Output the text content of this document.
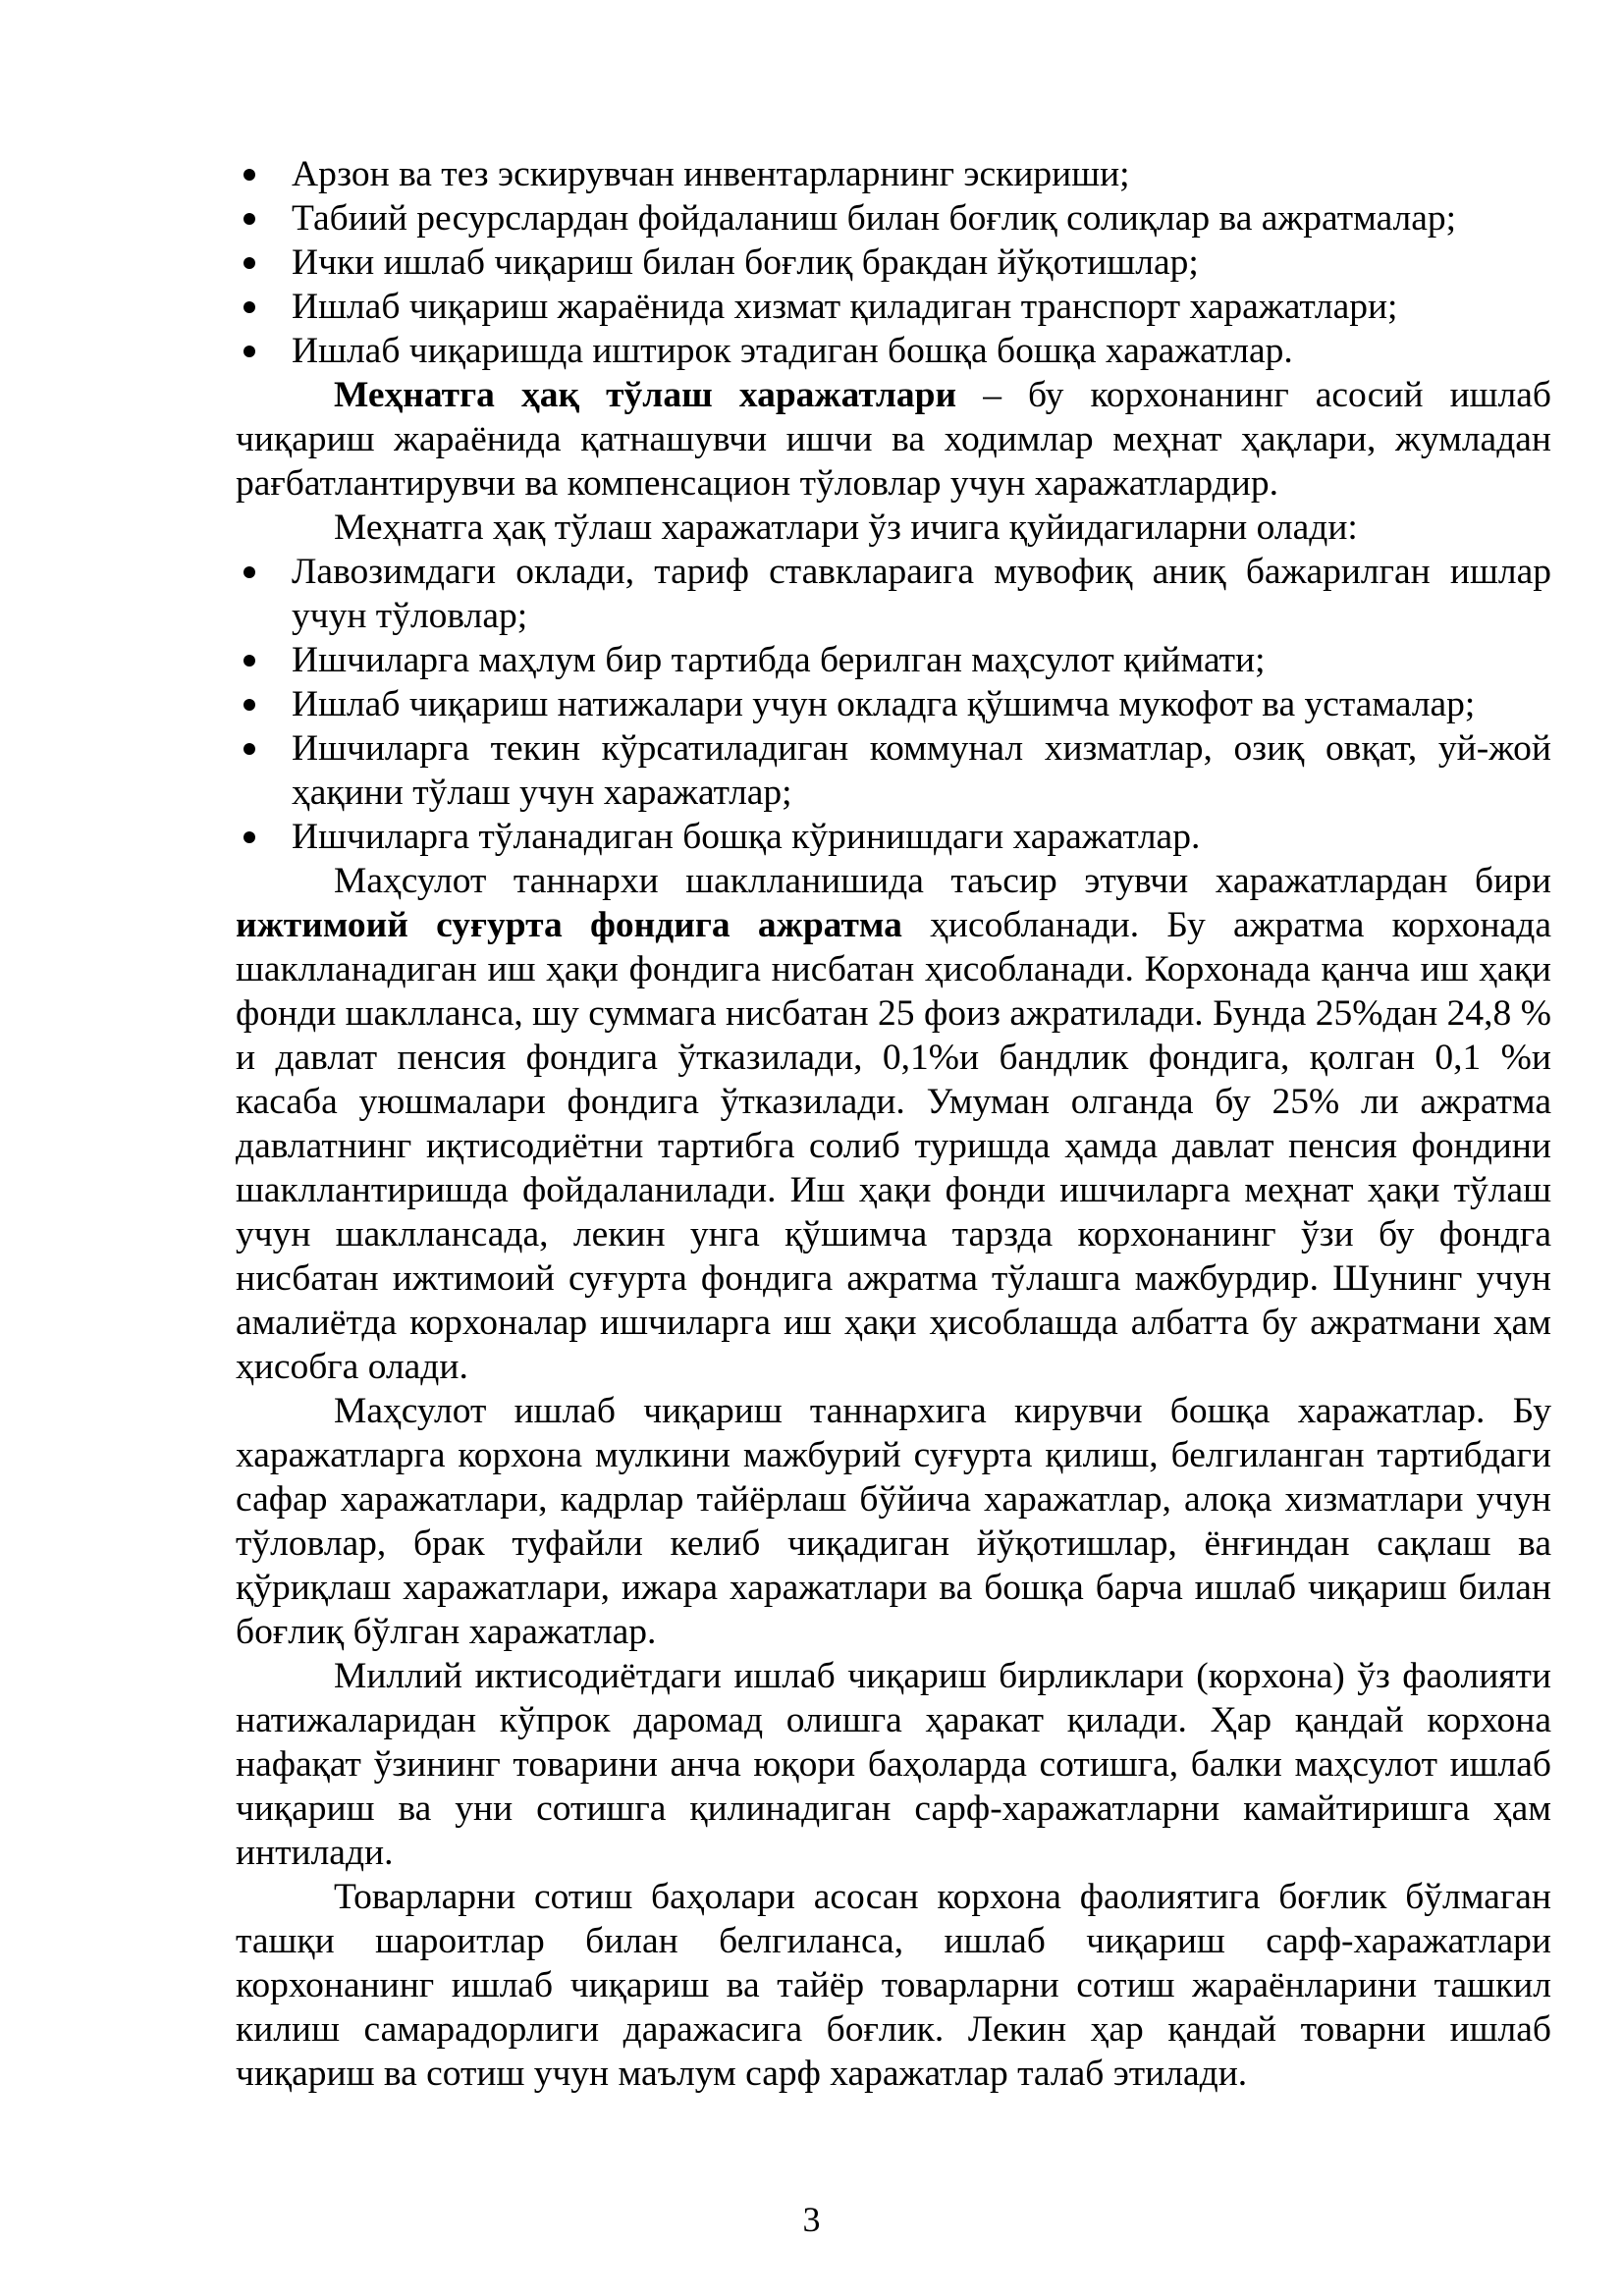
Арзон ва тез эскирувчан инвентарларнинг эскириши;
Табиий ресурслардан фойдаланиш билан боғлиқ солиқлар ва ажратмалар;
Ички ишлаб чиқариш билан боғлиқ бракдан йўқотишлар;
Ишлаб чиқариш жараёнида хизмат қиладиган транспорт харажатлари;
Ишлаб чиқаришда иштирок этадиган бошқа бошқа харажатлар.

Меҳнатга ҳақ тўлаш харажатлари – бу корхонанинг асосий ишлаб чиқариш жараёнида қатнашувчи ишчи ва ходимлар меҳнат ҳақлари, жумладан рағбатлантирувчи ва компенсацион тўловлар учун харажатлардир.

Меҳнатга ҳақ тўлаш харажатлари ўз ичига қуйидагиларни олади:

Лавозимдаги оклади, тариф ставклараига мувофиқ аниқ бажарилган ишлар учун тўловлар;
Ишчиларга маҳлум бир тартибда берилган маҳсулот қиймати;
Ишлаб чиқариш натижалари учун окладга қўшимча мукофот ва устамалар;
Ишчиларга текин кўрсатиладиган коммунал хизматлар, озиқ овқат, уй-жой ҳақини тўлаш учун харажатлар;
Ишчиларга тўланадиган бошқа кўринишдаги харажатлар.

Маҳсулот таннархи шаклланишида таъсир этувчи харажатлардан бири ижтимоий суғурта фондига ажратма ҳисобланади. Бу ажратма корхонада шаклланадиган иш ҳақи фондига нисбатан ҳисобланади. Корхонада қанча иш ҳақи фонди шаклланса, шу суммага нисбатан 25 фоиз ажратилади. Бунда 25%дан 24,8 % и давлат пенсия фондига ўтказилади, 0,1%и бандлик фондига, қолган 0,1 %и касаба уюшмалари фондига ўтказилади. Умуман олганда бу 25% ли ажратма давлатнинг иқтисодиётни тартибга солиб туришда ҳамда давлат пенсия фондини шакллантиришда фойдаланилади. Иш ҳақи фонди ишчиларга меҳнат ҳақи тўлаш учун шакллансада, лекин унга қўшимча тарзда корхонанинг ўзи бу фондга нисбатан ижтимоий суғурта фондига ажратма тўлашга мажбурдир. Шунинг учун амалиётда корхоналар ишчиларга иш ҳақи ҳисоблашда албатта бу ажратмани ҳам ҳисобга олади.

Маҳсулот ишлаб чиқариш таннархига кирувчи бошқа харажатлар. Бу харажатларга корхона мулкини мажбурий суғурта қилиш, белгиланган тартибдаги сафар харажатлари, кадрлар тайёрлаш бўйича харажатлар, алоқа хизматлари учун тўловлар, брак туфайли келиб чиқадиган йўқотишлар, ёнғиндан сақлаш ва қўриқлаш харажатлари, ижара харажатлари ва бошқа барча ишлаб чиқариш билан боғлиқ бўлган харажатлар.

Миллий иктисодиётдаги ишлаб чиқариш бирликлари (корхона) ўз фаолияти натижаларидан кўпрок даромад олишга ҳаракат қилади. Ҳар қандай корхона нафақат ўзининг товарини анча юқори баҳоларда сотишга, балки маҳсулот ишлаб чиқариш ва уни сотишга қилинадиган сарф-харажатларни камайтиришга ҳам интилади.

Товарларни сотиш баҳолари асосан корхона фаолиятига боғлик бўлмаган ташқи шароитлар билан белгиланса, ишлаб чиқариш сарф-харажатлари корхонанинг ишлаб чиқариш ва тайёр товарларни сотиш жараёнларини ташкил килиш самарадорлиги даражасига боғлик. Лекин ҳар қандай товарни ишлаб чиқариш ва сотиш учун маълум сарф харажатлар талаб этилади.

3
